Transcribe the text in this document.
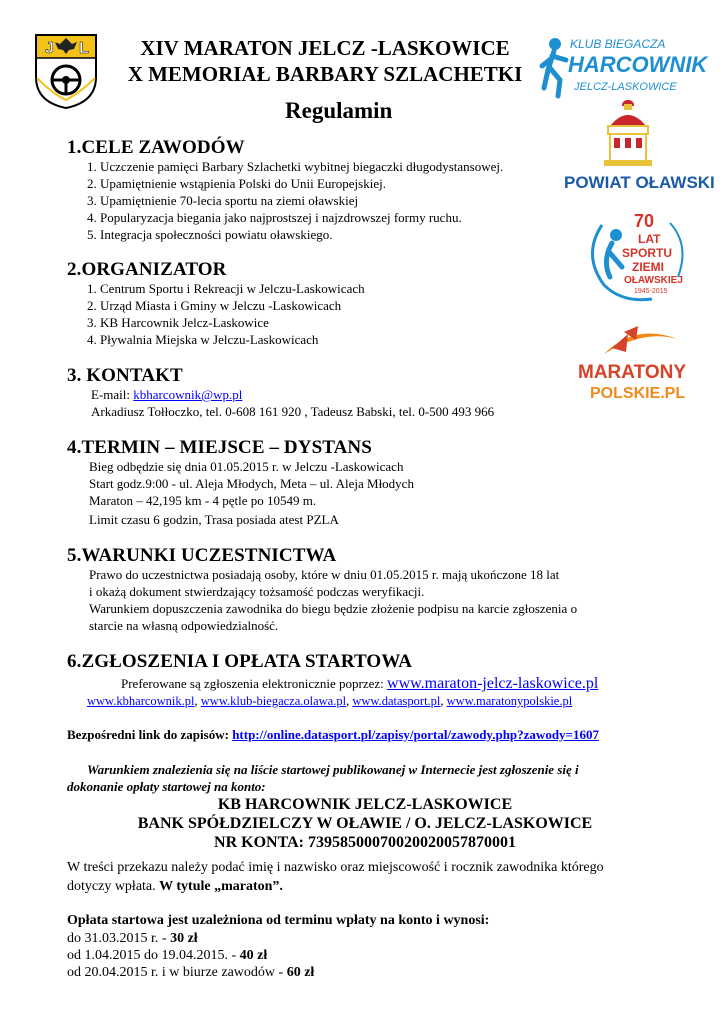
J L	XIV MARATON JELCZ -LASKOWICE
X MEMORIAŁ BARBARY SZLACHETKI
Regulamin
KLUB BIEGACZA
HARCOWNIK
JELCZ-LASKOWICE
POWIAT OŁAWSKI
70
LAT
SPORTU
ZIEMI
OŁAWSKIEJ
1945-2015
MARATONY
POLSKIE.PL
1.CELE ZAWODÓW
1. Uczczenie pamięci Barbary Szlachetki wybitnej biegaczki długodystansowej.
2. Upamiętnienie wstąpienia Polski do Unii Europejskiej.
3. Upamiętnienie 70-lecia sportu na ziemi oławskiej
4. Popularyzacja biegania jako najprostszej i najzdrowszej formy ruchu.
5. Integracja społeczności powiatu oławskiego.
2.ORGANIZATOR
1. Centrum Sportu i Rekreacji w Jelczu-Laskowicach
2. Urząd Miasta i Gminy w Jelczu -Laskowicach
3. KB Harcownik Jelcz-Laskowice
4. Pływalnia Miejska w Jelczu-Laskowicach
3. KONTAKT
E-mail: kbharcownik@wp.pl
Arkadiusz Tołłoczko, tel. 0-608 161 920 , Tadeusz Babski, tel. 0-500 493 966
4.TERMIN – MIEJSCE – DYSTANS
Bieg odbędzie się dnia 01.05.2015 r. w Jelczu -Laskowicach
Start godz.9:00 - ul. Aleja Młodych, Meta – ul. Aleja Młodych
Maraton – 42,195 km - 4 pętle po 10549 m.
Limit czasu 6 godzin, Trasa posiada atest PZLA
5.WARUNKI UCZESTNICTWA
Prawo do uczestnictwa posiadają osoby, które w dniu 01.05.2015 r. mają ukończone 18 lat
i okażą dokument stwierdzający tożsamość podczas weryfikacji.
Warunkiem dopuszczenia zawodnika do biegu będzie złożenie podpisu na karcie zgłoszenia o
starcie na własną odpowiedzialność.
6.ZGŁOSZENIA I OPŁATA STARTOWA
Preferowane są zgłoszenia elektronicznie poprzez: www.maraton-jelcz-laskowice.pl
www.kbharcownik.pl, www.klub-biegacza.olawa.pl, www.datasport.pl, www.maratonypolskie.pl
Bezpośredni link do zapisów: http://online.datasport.pl/zapisy/portal/zawody.php?zawody=1607
Warunkiem znalezienia się na liście startowej publikowanej w Internecie jest zgłoszenie się i
dokonanie opłaty startowej na konto:
KB HARCOWNIK JELCZ-LASKOWICE
BANK SPÓŁDZIELCZY W OŁAWIE / O. JELCZ-LASKOWICE
NR KONTA: 73958500070020020057870001
W treści przekazu należy podać imię i nazwisko oraz miejscowość i rocznik zawodnika którego
dotyczy wpłata. W tytule „maraton”.
Opłata startowa jest uzależniona od terminu wpłaty na konto i wynosi:
do 31.03.2015 r. - 30 zł
od 1.04.2015 do 19.04.2015. - 40 zł
od 20.04.2015 r. i w biurze zawodów - 60 zł
